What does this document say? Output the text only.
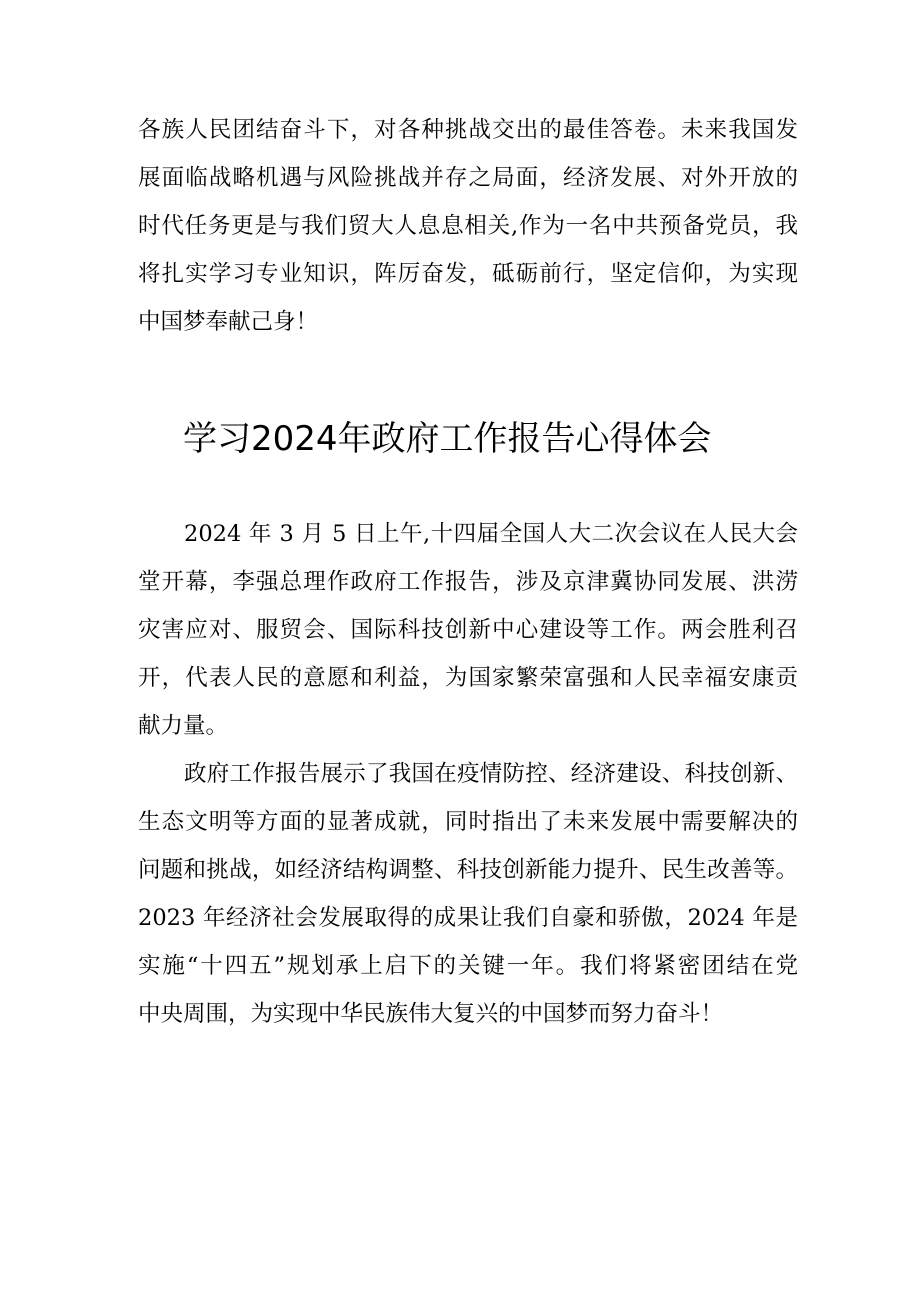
各族人民团结奋斗下，对各种挑战交出的最佳答卷。未来我国发
展面临战略机遇与风险挑战并存之局面，经济发展、对外开放的
时代任务更是与我们贸大人息息相关,作为一名中共预备党员，我
将扎实学习专业知识，阵厉奋发，砥砺前行，坚定信仰，为实现
中国梦奉献己身！
学习2024年政府工作报告心得体会
2024 年 3 月 5 日上午,十四届全国人大二次会议在人民大会
堂开幕，李强总理作政府工作报告，涉及京津冀协同发展、洪涝
灾害应对、服贸会、国际科技创新中心建设等工作。两会胜利召
开，代表人民的意愿和利益，为国家繁荣富强和人民幸福安康贡
献力量。
政府工作报告展示了我国在疫情防控、经济建设、科技创新、
生态文明等方面的显著成就，同时指出了未来发展中需要解决的
问题和挑战，如经济结构调整、科技创新能力提升、民生改善等。
2023 年经济社会发展取得的成果让我们自豪和骄傲，2024 年是
实施“十四五”规划承上启下的关键一年。我们将紧密团结在党
中央周围，为实现中华民族伟大复兴的中国梦而努力奋斗！
